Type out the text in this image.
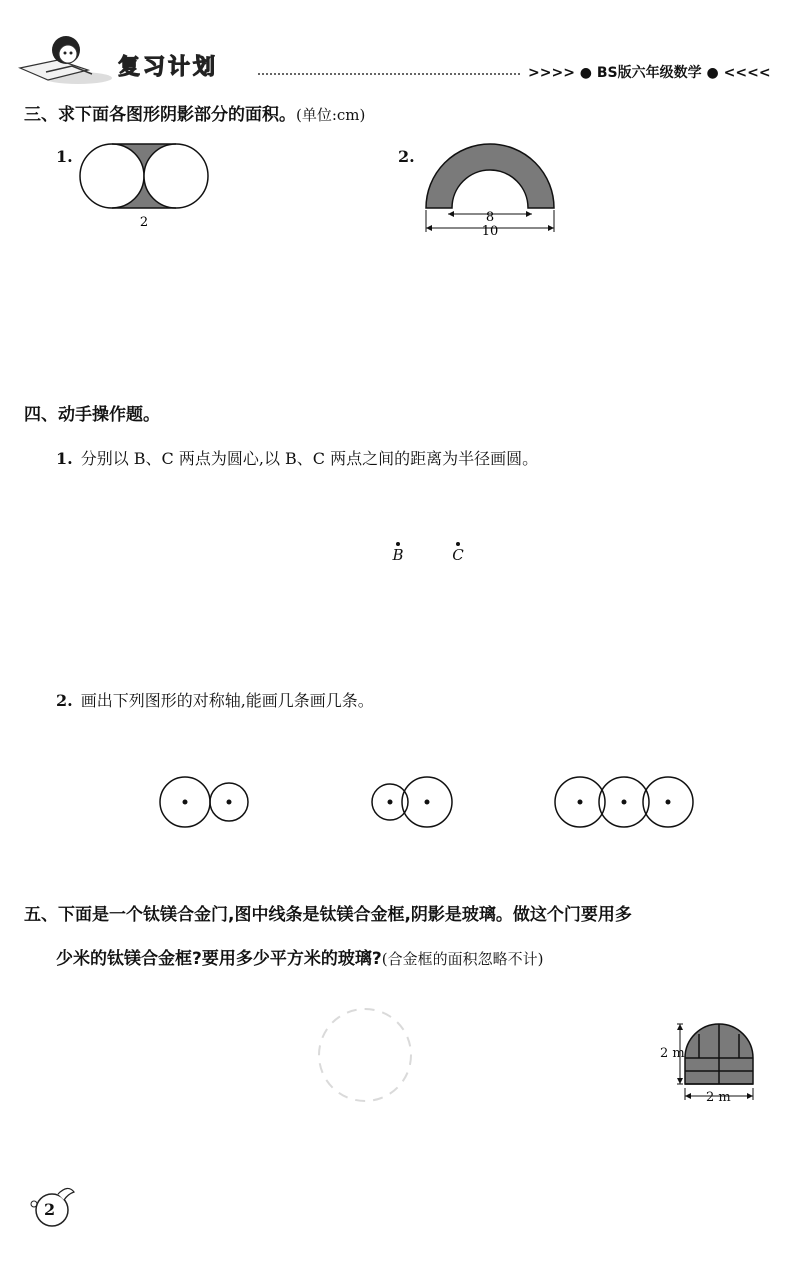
复习计划	>>>> ● BS版六年级数学 ● <<<<
三、求下面各图形阴影部分的面积。(单位:cm)
1.
2
2.
8
10
四、动手操作题。
1. 分别以 B、C 两点为圆心,以 B、C 两点之间的距离为半径画圆。
B	C
2. 画出下列图形的对称轴,能画几条画几条。
五、下面是一个钛镁合金门,图中线条是钛镁合金框,阴影是玻璃。做这个门要用多
少米的钛镁合金框?要用多少平方米的玻璃?(合金框的面积忽略不计)
2 m
2 m
2
